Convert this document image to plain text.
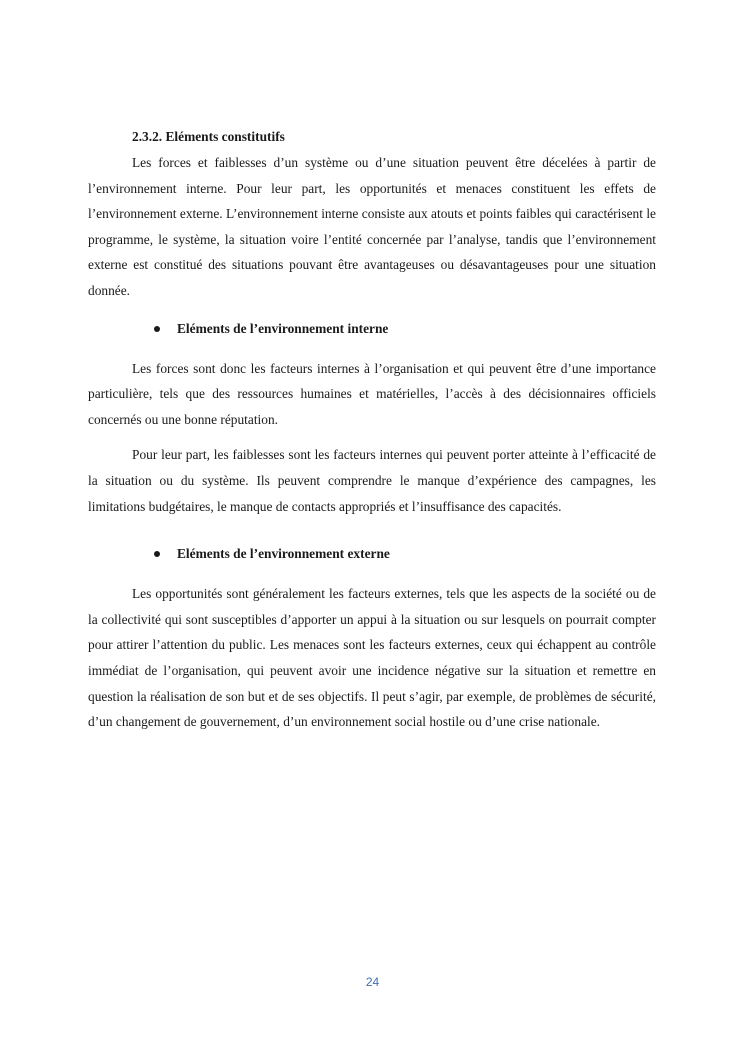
2.3.2. Eléments constitutifs

Les forces et faiblesses d’un système ou d’une situation peuvent être décelées à partir de l’environnement interne. Pour leur part, les opportunités et menaces constituent les effets de l’environnement externe. L’environnement interne consiste aux atouts et points faibles qui caractérisent le programme, le système, la situation voire l’entité concernée par l’analyse, tandis que l’environnement externe est constitué des situations pouvant être avantageuses ou désavantageuses pour une situation donnée.

Eléments de l’environnement interne

Les forces sont donc les facteurs internes à l’organisation et qui peuvent être d’une importance particulière, tels que des ressources humaines et matérielles, l’accès à des décisionnaires officiels concernés ou une bonne réputation.

Pour leur part, les faiblesses sont les facteurs internes qui peuvent porter atteinte à l’efficacité de la situation ou du système. Ils peuvent comprendre le manque d’expérience des campagnes, les limitations budgétaires, le manque de contacts appropriés et l’insuffisance des capacités.

Eléments de l’environnement externe

Les opportunités sont généralement les facteurs externes, tels que les aspects de la société ou de la collectivité qui sont susceptibles d’apporter un appui à la situation ou sur lesquels on pourrait compter pour attirer l’attention du public. Les menaces sont les facteurs externes, ceux qui échappent au contrôle immédiat de l’organisation, qui peuvent avoir une incidence négative sur la situation et remettre en question la réalisation de son but et de ses objectifs. Il peut s’agir, par exemple, de problèmes de sécurité, d’un changement de gouvernement, d’un environnement social hostile ou d’une crise nationale.

24
